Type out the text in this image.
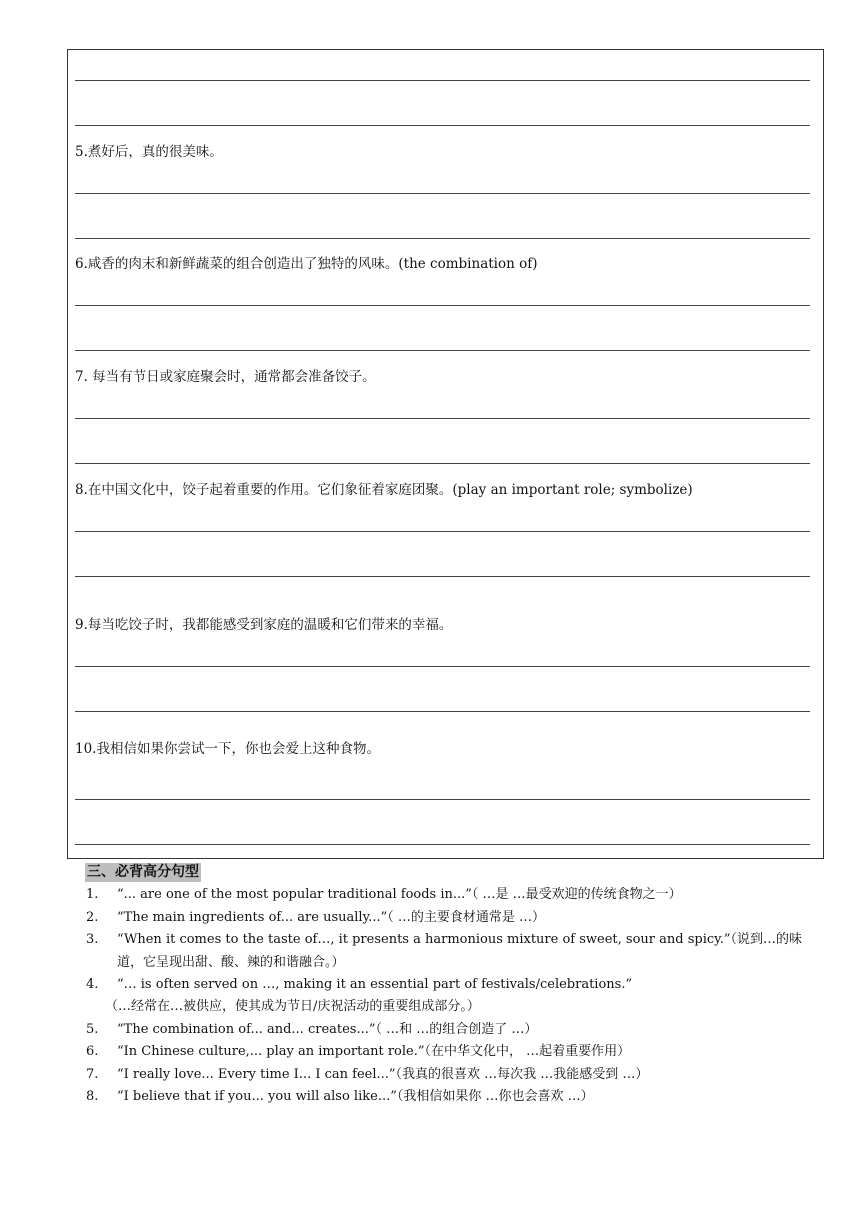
5.煮好后，真的很美味。
6.咸香的肉末和新鲜蔬菜的组合创造出了独特的风味。(the combination of)
7. 每当有节日或家庭聚会时，通常都会准备饺子。
8.在中国文化中，饺子起着重要的作用。它们象征着家庭团聚。(play an important role; symbolize)
9.每当吃饺子时，我都能感受到家庭的温暖和它们带来的幸福。
10.我相信如果你尝试一下，你也会爱上这种食物。
三、必背高分句型
1. “... are one of the most popular traditional foods in...”（ …是 …最受欢迎的传统食物之一）
2. “The main ingredients of... are usually...”（ …的主要食材通常是 …）
3. “When it comes to the taste of…, it presents a harmonious mixture of sweet, sour and spicy.”（说到…的味
道，它呈现出甜、酸、辣的和谐融合。）
4. “… is often served on …, making it an essential part of festivals/celebrations.”
（…经常在…被供应，使其成为节日/庆祝活动的重要组成部分。）
5. “The combination of... and... creates...”（ …和 …的组合创造了 …）
6. “In Chinese culture,... play an important role.”（在中华文化中， …起着重要作用）
7. “I really love... Every time I... I can feel...”（我真的很喜欢 …每次我 …我能感受到 …）
8. “I believe that if you... you will also like...”（我相信如果你 …你也会喜欢 …）
